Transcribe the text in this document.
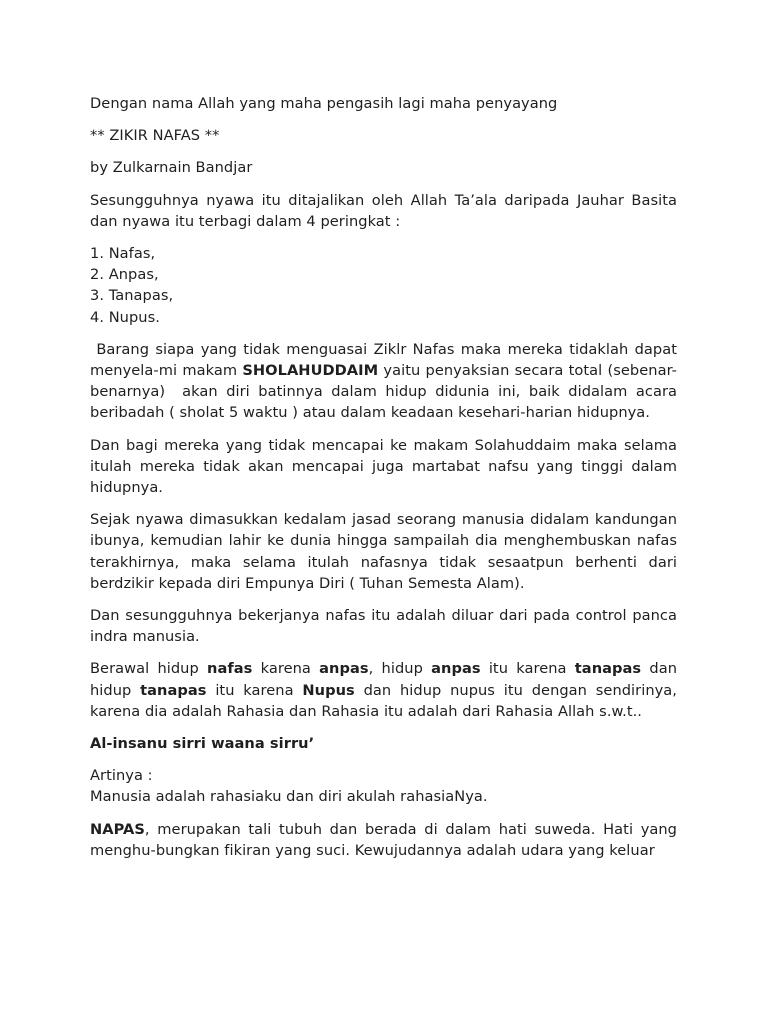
Dengan nama Allah yang maha pengasih lagi maha penyayang

** ZIKIR NAFAS **

by Zulkarnain Bandjar

Sesungguhnya nyawa itu ditajalikan oleh Allah Ta’ala daripada Jauhar Basita dan nyawa itu terbagi dalam 4 peringkat :

1. Nafas,
2. Anpas,
3. Tanapas,
4. Nupus.

Barang siapa yang tidak menguasai Ziklr Nafas maka mereka tidaklah dapat menyela-mi makam SHOLAHUDDAIM yaitu penyaksian secara total (sebenar-benarnya)  akan diri batinnya dalam hidup didunia ini, baik didalam acara beribadah ( sholat 5 waktu ) atau dalam keadaan kesehari-harian hidupnya.

Dan bagi mereka yang tidak mencapai ke makam Solahuddaim maka selama itulah mereka tidak akan mencapai juga martabat nafsu yang tinggi dalam hidupnya.

Sejak nyawa dimasukkan kedalam jasad seorang manusia didalam kandungan ibunya, kemudian lahir ke dunia hingga sampailah dia menghembuskan nafas terakhirnya, maka selama itulah nafasnya tidak sesaatpun berhenti dari berdzikir kepada diri Empunya Diri ( Tuhan Semesta Alam).

Dan sesungguhnya bekerjanya nafas itu adalah diluar dari pada control panca indra manusia.

Berawal hidup nafas karena anpas, hidup anpas itu karena tanapas dan hidup tanapas itu karena Nupus dan hidup nupus itu dengan sendirinya, karena dia adalah Rahasia dan Rahasia itu adalah dari Rahasia Allah s.w.t..

Al-insanu sirri waana sirru’

Artinya :
Manusia adalah rahasiaku dan diri akulah rahasiaNya.

NAPAS, merupakan tali tubuh dan berada di dalam hati suweda. Hati yang menghu-bungkan fikiran yang suci. Kewujudannya adalah udara yang keluar
